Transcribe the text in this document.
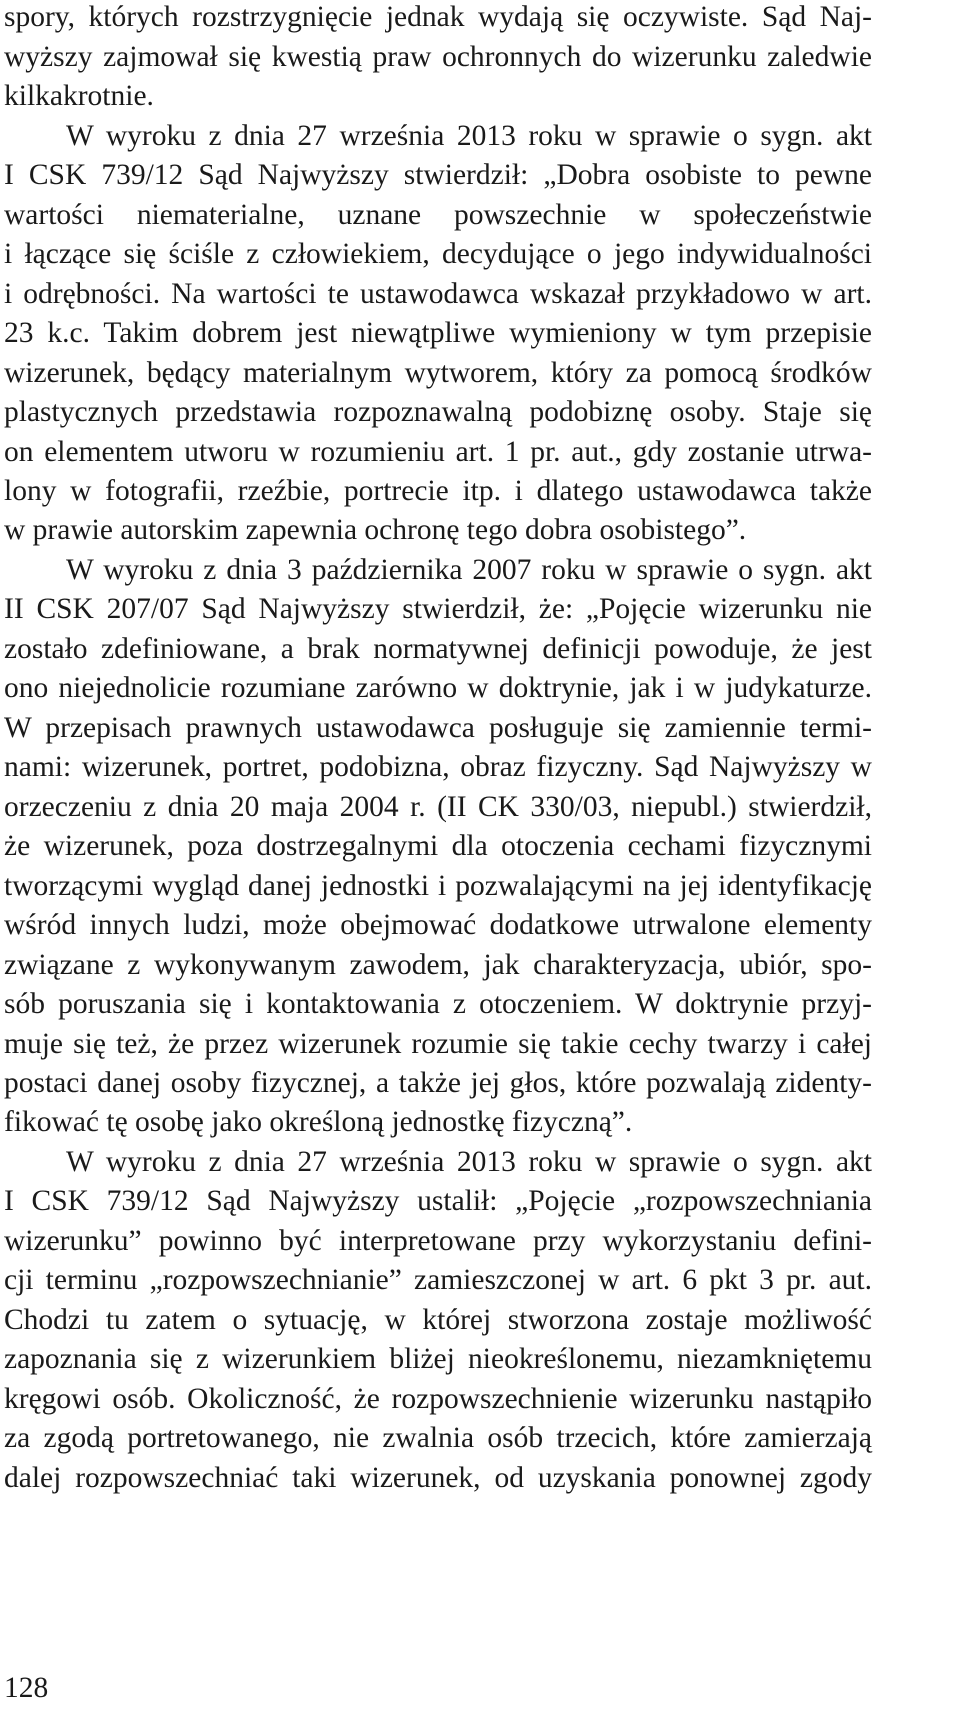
spory, których rozstrzygnięcie jednak wydają się oczywiste. Sąd Naj-
wyższy zajmował się kwestią praw ochronnych do wizerunku zaledwie
kilkakrotnie.
W wyroku z dnia 27 września 2013 roku w sprawie o sygn. akt
I CSK 739/12 Sąd Najwyższy stwierdził: „Dobra osobiste to pewne
wartości niematerialne, uznane powszechnie w społeczeństwie
i łączące się ściśle z człowiekiem, decydujące o jego indywidualności
i odrębności. Na wartości te ustawodawca wskazał przykładowo w art.
23 k.c. Takim dobrem jest niewątpliwe wymieniony w tym przepisie
wizerunek, będący materialnym wytworem, który za pomocą środków
plastycznych przedstawia rozpoznawalną podobiznę osoby. Staje się
on elementem utworu w rozumieniu art. 1 pr. aut., gdy zostanie utrwa-
lony w fotografii, rzeźbie, portrecie itp. i dlatego ustawodawca także
w prawie autorskim zapewnia ochronę tego dobra osobistego”.
W wyroku z dnia 3 października 2007 roku w sprawie o sygn. akt
II CSK 207/07 Sąd Najwyższy stwierdził, że: „Pojęcie wizerunku nie
zostało zdefiniowane, a brak normatywnej definicji powoduje, że jest
ono niejednolicie rozumiane zarówno w doktrynie, jak i w judykaturze.
W przepisach prawnych ustawodawca posługuje się zamiennie termi-
nami: wizerunek, portret, podobizna, obraz fizyczny. Sąd Najwyższy w
orzeczeniu z dnia 20 maja 2004 r. (II CK 330/03, niepubl.) stwierdził,
że wizerunek, poza dostrzegalnymi dla otoczenia cechami fizycznymi
tworzącymi wygląd danej jednostki i pozwalającymi na jej identyfikację
wśród innych ludzi, może obejmować dodatkowe utrwalone elementy
związane z wykonywanym zawodem, jak charakteryzacja, ubiór, spo-
sób poruszania się i kontaktowania z otoczeniem. W doktrynie przyj-
muje się też, że przez wizerunek rozumie się takie cechy twarzy i całej
postaci danej osoby fizycznej, a także jej głos, które pozwalają zidenty-
fikować tę osobę jako określoną jednostkę fizyczną”.
W wyroku z dnia 27 września 2013 roku w sprawie o sygn. akt
I CSK 739/12 Sąd Najwyższy ustalił: „Pojęcie „rozpowszechniania
wizerunku” powinno być interpretowane przy wykorzystaniu defini-
cji terminu „rozpowszechnianie” zamieszczonej w art. 6 pkt 3 pr. aut.
Chodzi tu zatem o sytuację, w której stworzona zostaje możliwość
zapoznania się z wizerunkiem bliżej nieokreślonemu, niezamkniętemu
kręgowi osób. Okoliczność, że rozpowszechnienie wizerunku nastąpiło
za zgodą portretowanego, nie zwalnia osób trzecich, które zamierzają
dalej rozpowszechniać taki wizerunek, od uzyskania ponownej zgody
128
